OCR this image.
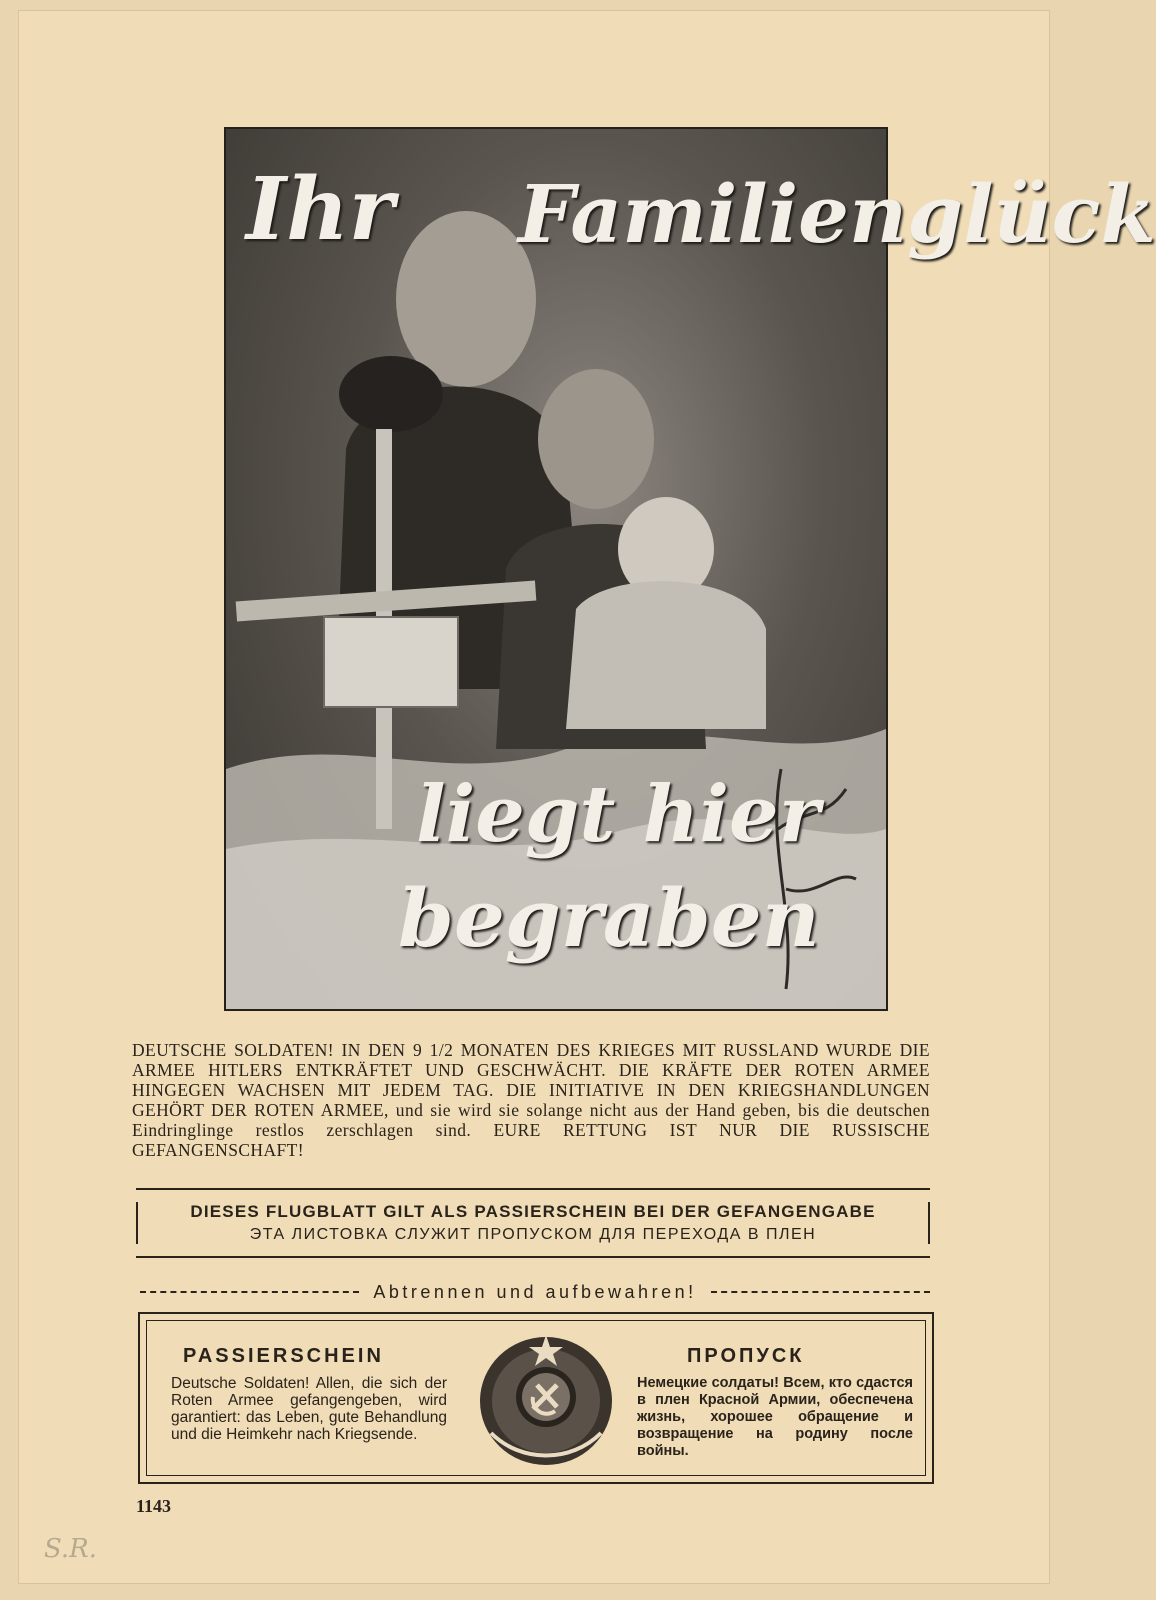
Ihr Familienglück
liegt hier
begraben
DEUTSCHE SOLDATEN! IN DEN 9 1/2 MONATEN DES KRIEGES MIT RUSSLAND WURDE DIE ARMEE HITLERS ENTKRÄFTET UND GESCHWÄCHT. DIE KRÄFTE DER ROTEN ARMEE HINGEGEN WACHSEN MIT JEDEM TAG. DIE INITIATIVE IN DEN KRIEGSHANDLUNGEN GEHÖRT DER ROTEN ARMEE, und sie wird sie solange nicht aus der Hand geben, bis die deutschen Eindringlinge restlos zerschlagen sind. EURE RETTUNG IST NUR DIE RUSSISCHE GEFANGENSCHAFT!
DIESES FLUGBLATT GILT ALS PASSIERSCHEIN BEI DER GEFANGENGABE
ЭТА ЛИСТОВКА СЛУЖИТ ПРОПУСКОМ ДЛЯ ПЕРЕХОДА В ПЛЕН
Abtrennen und aufbewahren!
PASSIERSCHEIN
Deutsche Soldaten! Allen, die sich der Roten Armee gefangengeben, wird garantiert: das Leben, gute Behandlung und die Heimkehr nach Kriegsende.
ПРОПУСК
Немецкие солдаты! Всем, кто сдастся в плен Красной Армии, обеспечена жизнь, хорошее обращение и возвращение на родину после войны.
1143
S.R.
